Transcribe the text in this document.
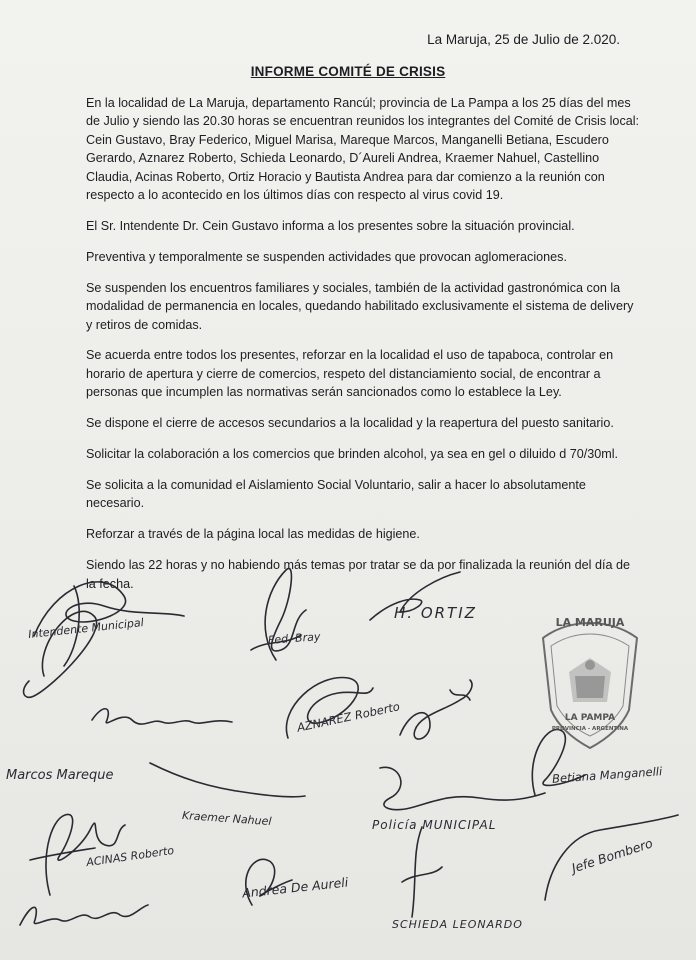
La Maruja, 25 de Julio de 2.020.
INFORME COMITÉ DE CRISIS

En la localidad de La Maruja, departamento Rancúl; provincia de La Pampa a los 25 días del mes de Julio y siendo las 20.30 horas se encuentran reunidos los integrantes del Comité de Crisis local: Cein Gustavo, Bray Federico, Miguel Marisa, Mareque Marcos, Manganelli Betiana, Escudero Gerardo, Aznarez Roberto, Schieda Leonardo, D´Aureli Andrea, Kraemer Nahuel, Castellino Claudia, Acinas Roberto, Ortiz Horacio y Bautista Andrea para dar comienzo a la reunión con respecto a lo acontecido en los últimos días con respecto al virus covid 19.

El Sr. Intendente Dr. Cein Gustavo informa a los presentes sobre la situación provincial.

Preventiva y temporalmente se suspenden actividades que provocan aglomeraciones.

Se suspenden los encuentros familiares y sociales, también de la actividad gastronómica con la modalidad de permanencia en locales, quedando habilitado exclusivamente el sistema de delivery y retiros de comidas.

Se acuerda entre todos los presentes, reforzar en la localidad el uso de tapaboca, controlar en horario de apertura y cierre de comercios, respeto del distanciamiento social, de encontrar a personas que incumplen las normativas serán sancionados como lo establece la Ley.

Se dispone el cierre de accesos secundarios a la localidad y la reapertura del puesto sanitario.

Solicitar la colaboración a los comercios que brinden alcohol, ya sea en gel o diluido d 70/30ml.

Se solicita a la comunidad el Aislamiento Social Voluntario, salir a hacer lo absolutamente necesario.

Reforzar a través de la página local las medidas de higiene.

Siendo las 22 horas y no habiendo más temas por tratar se da por finalizada la reunión del día de la fecha.

Intendente Municipal	Fed. Bray
H. ORTIZ
AZNAREZ Roberto
Marcos Mareque
Kraemer Nahuel	Policía MUNICIPAL
Betiana Manganelli
ACINAS Roberto
Andrea De Aureli
SCHIEDA LEONARDO
Jefe Bombero
LA MARUJA
LA PAMPA
PROVINCIA - ARGENTINA
